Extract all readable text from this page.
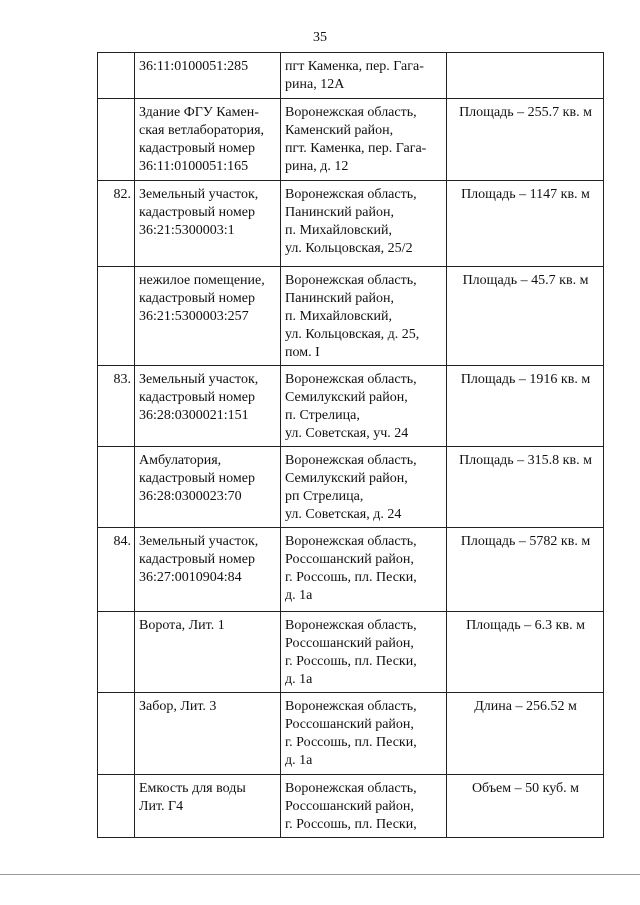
35
	36:11:0100051:285	пгт Каменка, пер. Гага-
рина, 12А	
	Здание ФГУ Камен-
ская ветлаборатория,
кадастровый номер
36:11:0100051:165	Воронежская область,
Каменский район,
пгт. Каменка, пер. Гага-
рина, д. 12	Площадь – 255.7 кв. м
82.	Земельный участок,
кадастровый номер
36:21:5300003:1	Воронежская область,
Панинский район,
п. Михайловский,
ул. Кольцовская, 25/2	Площадь – 1147 кв. м
	нежилое помещение,
кадастровый номер
36:21:5300003:257	Воронежская область,
Панинский район,
п. Михайловский,
ул. Кольцовская, д. 25,
пом. I	Площадь – 45.7 кв. м
83.	Земельный участок,
кадастровый номер
36:28:0300021:151	Воронежская область,
Семилукский район,
п. Стрелица,
ул. Советская, уч. 24	Площадь – 1916 кв. м
	Амбулатория,
кадастровый номер
36:28:0300023:70	Воронежская область,
Семилукский район,
рп Стрелица,
ул. Советская, д. 24	Площадь – 315.8 кв. м
84.	Земельный участок,
кадастровый номер
36:27:0010904:84	Воронежская область,
Россошанский район,
г. Россошь, пл. Пески,
д. 1а	Площадь – 5782 кв. м
	Ворота, Лит. 1	Воронежская область,
Россошанский район,
г. Россошь, пл. Пески,
д. 1а	Площадь – 6.3 кв. м
	Забор, Лит. 3	Воронежская область,
Россошанский район,
г. Россошь, пл. Пески,
д. 1а	Длина – 256.52 м
	Емкость для воды
Лит. Г4	Воронежская область,
Россошанский район,
г. Россошь, пл. Пески,	Объем – 50 куб. м
